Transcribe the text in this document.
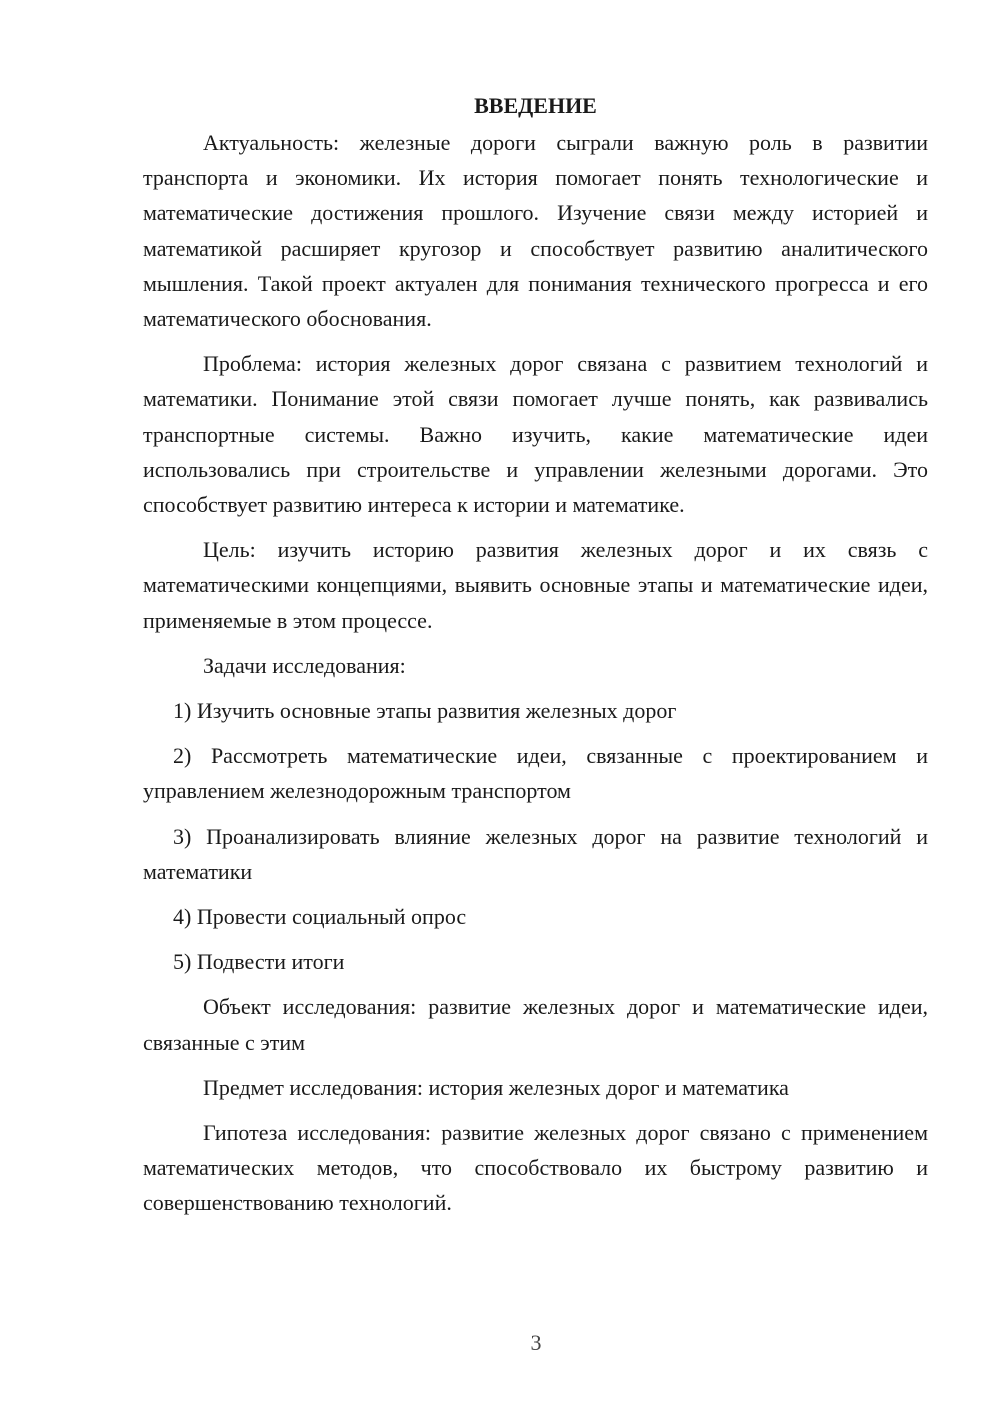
ВВЕДЕНИЕ

Актуальность: железные дороги сыграли важную роль в развитии транспорта и экономики. Их история помогает понять технологические и математические достижения прошлого. Изучение связи между историей и математикой расширяет кругозор и способствует развитию аналитического мышления. Такой проект актуален для понимания технического прогресса и его математического обоснования.

Проблема: история железных дорог связана с развитием технологий и математики. Понимание этой связи помогает лучше понять, как развивались транспортные системы. Важно изучить, какие математические идеи использовались при строительстве и управлении железными дорогами. Это способствует развитию интереса к истории и математике.

Цель: изучить историю развития железных дорог и их связь с математическими концепциями, выявить основные этапы и математические идеи, применяемые в этом процессе.

Задачи исследования:

1) Изучить основные этапы развития железных дорог

2) Рассмотреть математические идеи, связанные с проектированием и управлением железнодорожным транспортом

3) Проанализировать влияние железных дорог на развитие технологий и математики

4) Провести социальный опрос

5) Подвести итоги

Объект исследования: развитие железных дорог и математические идеи, связанные с этим

Предмет исследования: история железных дорог и математика

Гипотеза исследования: развитие железных дорог связано с применением математических методов, что способствовало их быстрому развитию и совершенствованию технологий.

3
